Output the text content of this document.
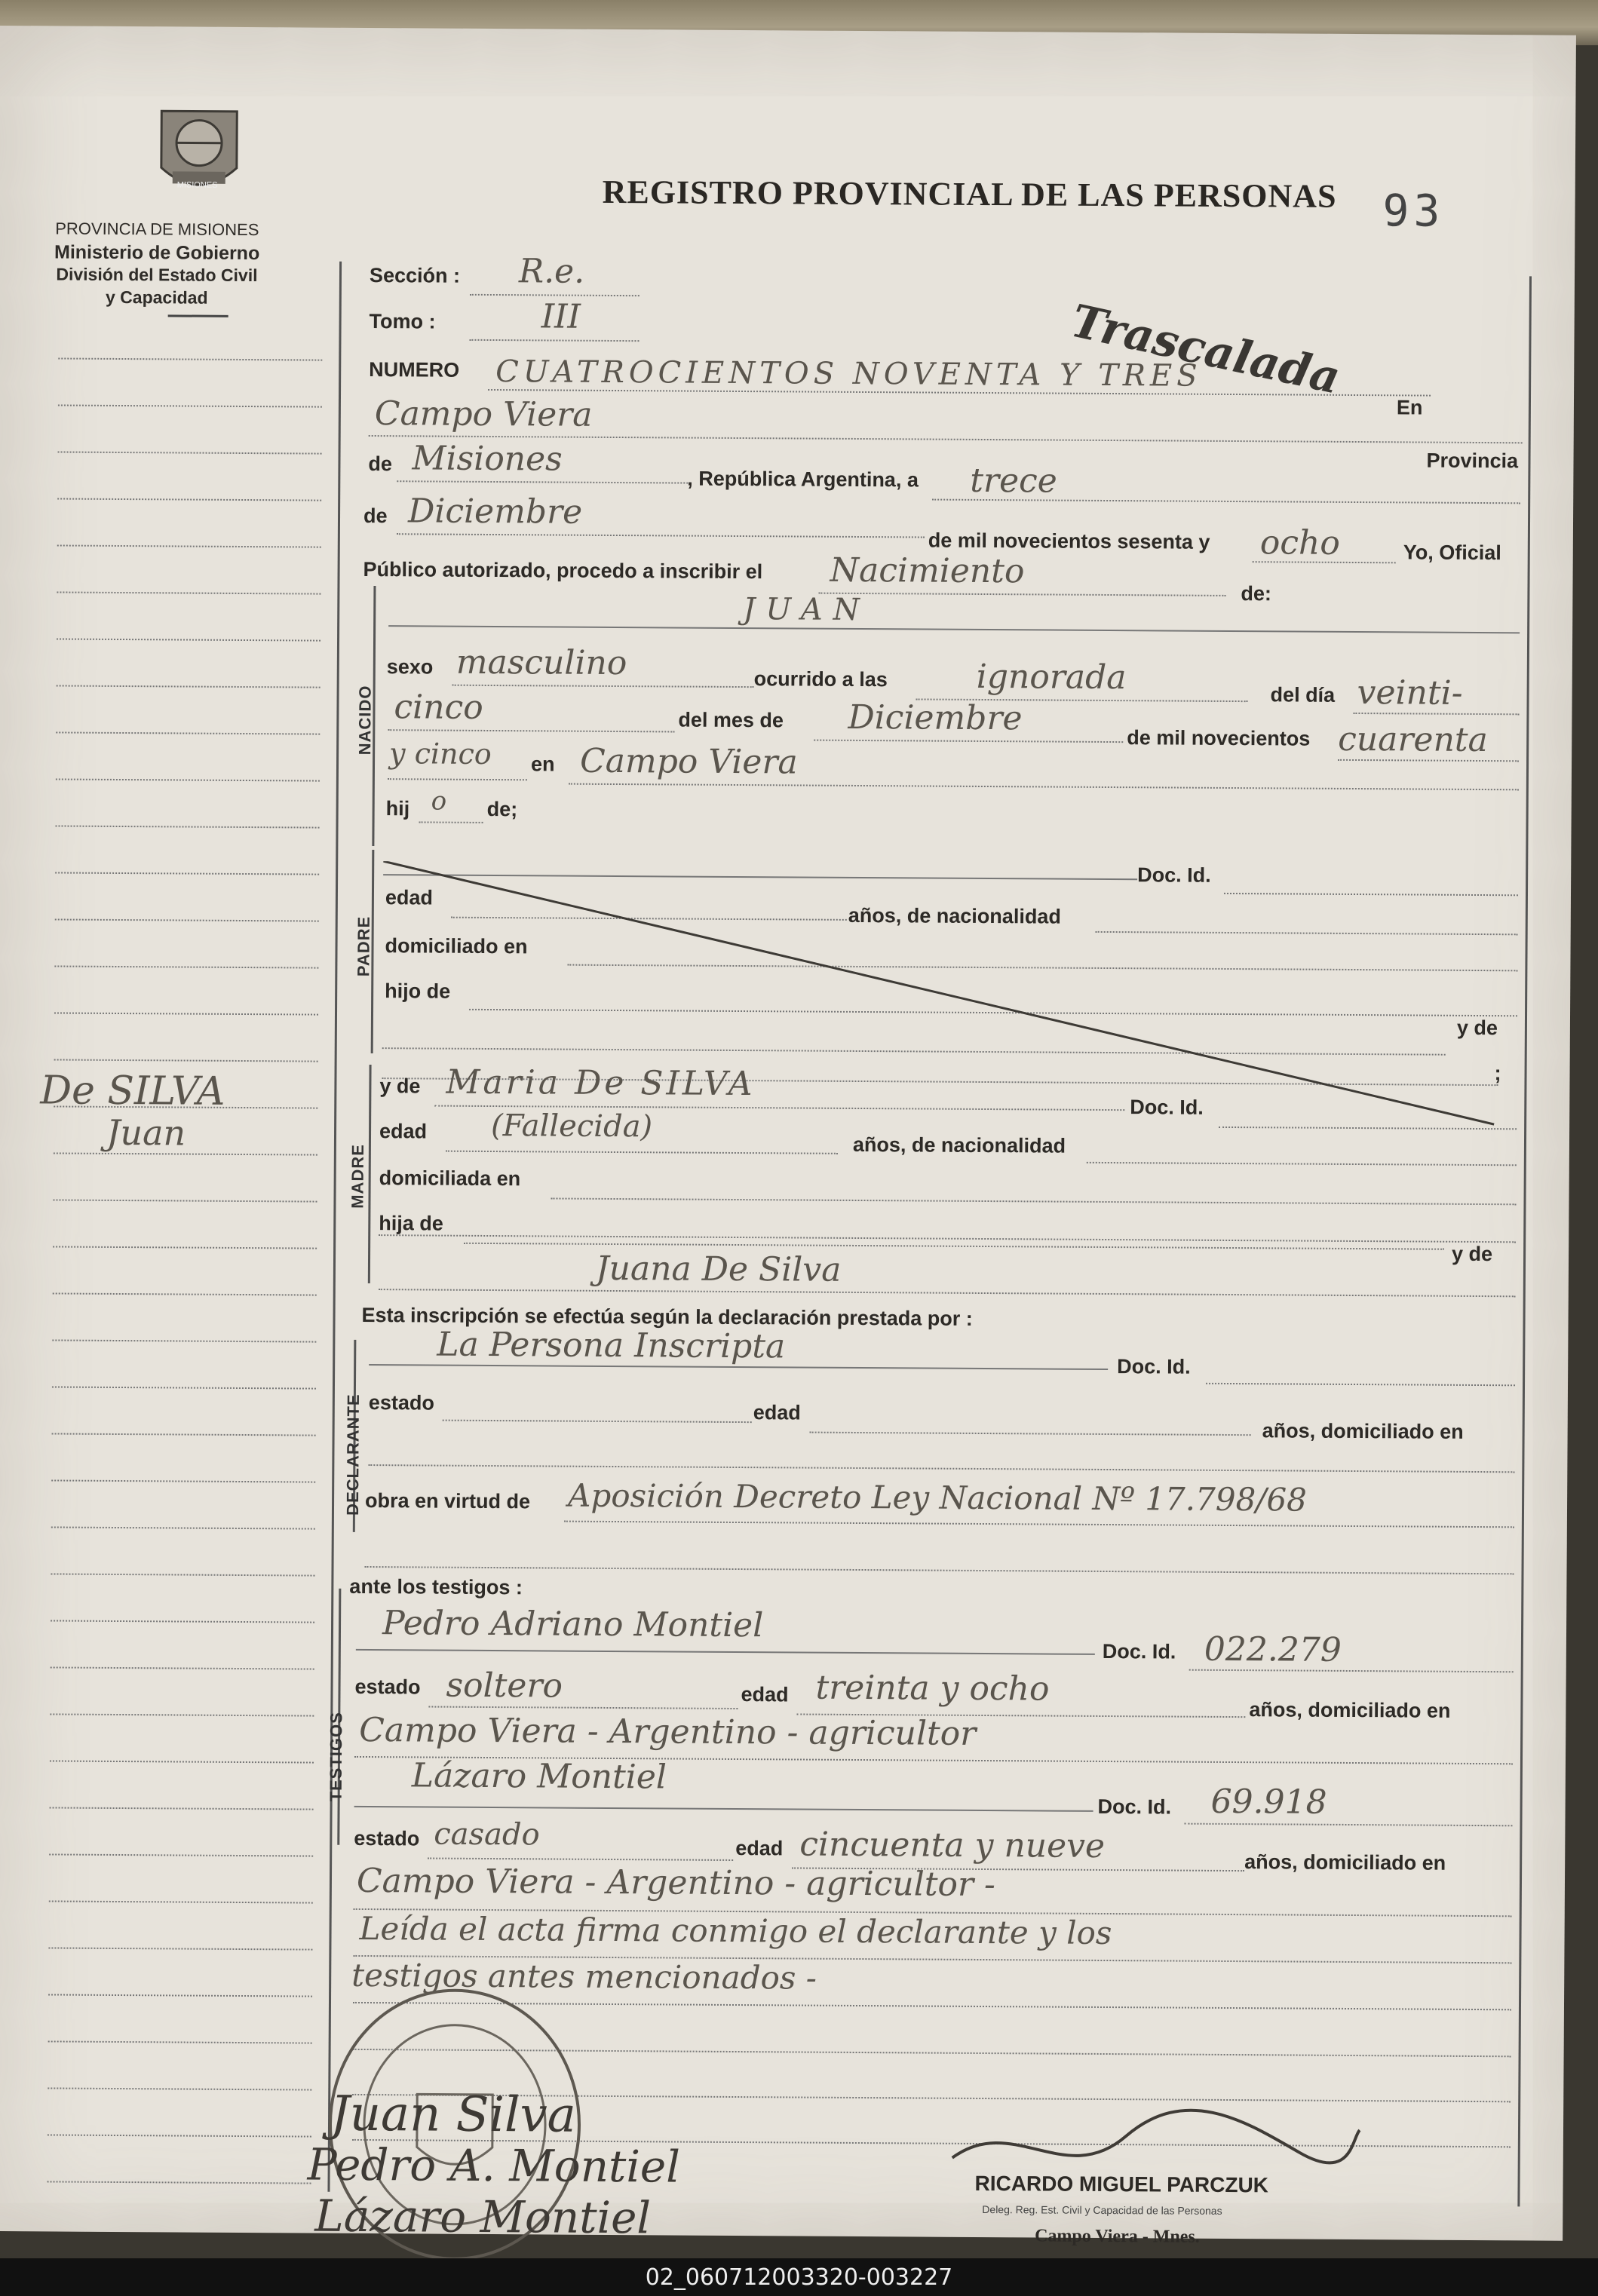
MISIONES
PROVINCIA DE MISIONES
Ministerio de Gobierno
División del Estado Civil
y Capacidad
De SILVA
Juan
NACIDO
PADRE
MADRE
DECLARANTE
TESTIGOS
REGISTRO PROVINCIAL DE LAS PERSONAS 93
Trascalada
Sección : R.e.
Tomo :	III
NUMERO CUATROCIENTOS NOVENTA Y TRES
En
Campo Viera
de Misiones
, República Argentina, a trece
Provincia
de Diciembre
de mil novecientos sesenta y ocho	Yo, Oficial
Público autorizado, procedo a inscribir el Nacimiento
de:
JUAN
sexo masculino	ocurrido a las	ignorada	del día veinti-
cinco	del mes de Diciembre
de mil novecientos cuarenta
y cinco en Campo Viera
hij o de;
Doc. Id.
edad
años, de nacionalidad
domiciliado en
hijo de
y de
;
y de Maria De SILVA
Doc. Id.
edad (Fallecida)
años, de nacionalidad
domiciliada en
hija de
y de
Juana De Silva
Esta inscripción se efectúa según la declaración prestada por :
La Persona Inscripta
Doc. Id.
estado	edad
años, domiciliado en
obra en virtud de Aposición Decreto Ley Nacional Nº 17.798/68
ante los testigos :
Pedro Adriano Montiel
Doc. Id. 022.279
estado soltero	edad treinta y ocho
años, domiciliado en
Campo Viera - Argentino - agricultor
Lázaro Montiel
Doc. Id. 69.918
estado casado	edad cincuenta y nueve	años, domiciliado en
Campo Viera - Argentino - agricultor -
Leída el acta firma conmigo el declarante y los
testigos antes mencionados -
Juan Silva
Pedro A. Montiel
Lázaro Montiel
RICARDO MIGUEL PARCZUK
Deleg. Reg. Est. Civil y Capacidad de las Personas
Campo Viera - Mnes.
02_060712003320-003227
